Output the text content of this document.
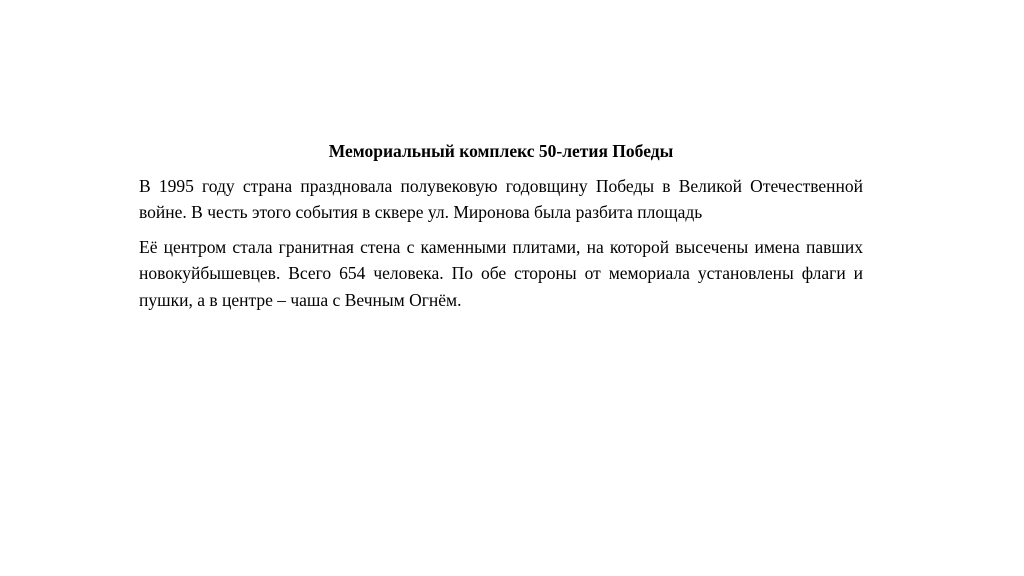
Мемориальный комплекс 50-летия Победы

В 1995 году страна праздновала полувековую годовщину Победы в Великой Отечественной войне. В честь этого события в сквере ул. Миронова была разбита площадь

Её центром стала гранитная стена с каменными плитами, на которой высечены имена павших новокуйбышевцев. Всего 654 человека. По обе стороны от мемориала установлены флаги и пушки, а в центре – чаша с Вечным Огнём.
